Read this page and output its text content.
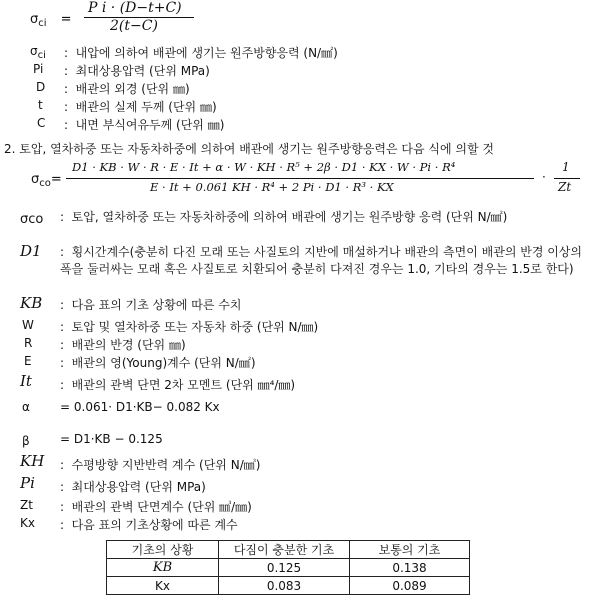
$\sigma_{ci}$ =
P i · (D−t+C)
2(t−C)
$\sigma_{ci}$ :  내압에 의하여 배관에 생기는 원주방향응력 (N/㎟)
Pi :  최대상용압력 (단위 MPa)
D :  배관의 외경 (단위 ㎜)
t :  배관의 실제 두께 (단위 ㎜)
C :  내면 부식여유두께 (단위 ㎜)
2. 토압, 열차하중 또는 자동차하중에 의하여 배관에 생기는 원주방향응력은 다음 식에 의할 것
$\sigma_{co}=$
D1 · KB · W · R · E · It + α · W · KH · R⁵ + 2β · D1 · KX · W · Pi · R⁴
E · It + 0.061 KH · R⁴ + 2 Pi · D1 · R³ · KX
·
1
Zt
σco :  토압, 열차하중 또는 자동차하중에 의하여 배관에 생기는 원주방향 응력 (단위 N/㎟)
D1 :  횡시간계수(충분히 다진 모래 또는 사질토의 지반에 매설하거나 배관의 측면이 배관의 반경 이상의 폭을 둘러싸는 모래 혹은 사질토로 치환되어 충분히 다져진 경우는 1.0, 기타의 경우는 1.5로 한다)
KB :  다음 표의 기초 상황에 따른 수치
W :  토압 및 열차하중 또는 자동차 하중 (단위 N/㎜)
R :  배관의 반경 (단위 ㎜)
E :  배관의 영(Young)계수 (단위 N/㎟)
It :  배관의 관벽 단면 2차 모멘트 (단위 ㎜⁴/㎜)
α	= 0.061· D1·KB− 0.082 Kx
β	= D1·KB − 0.125
KH :  수평방향 지반반력 계수 (단위 N/㎣)
Pi :  최대상용압력 (단위 MPa)
Zt :  배관의 관벽 단면계수 (단위 ㎣/㎜)
Kx :  다음 표의 기초상황에 따른 계수
기초의 상황	다짐이 충분한 기초	보통의 기초
KB	0.125	0.138
Kx	0.083	0.089
